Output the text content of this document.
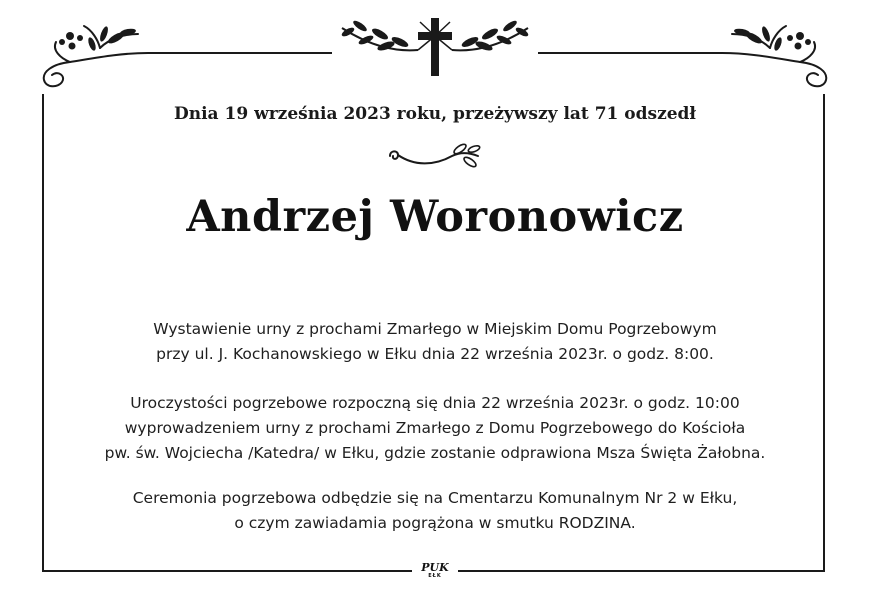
Dnia 19 września 2023 roku, przeżywszy lat 71 odszedł
Andrzej Woronowicz
Wystawienie urny z prochami Zmarłego w Miejskim Domu Pogrzebowym
przy ul. J. Kochanowskiego w Ełku dnia 22 września 2023r. o godz. 8:00.
Uroczystości pogrzebowe rozpoczną się dnia 22 września 2023r. o godz. 10:00
wyprowadzeniem urny z prochami Zmarłego z Domu Pogrzebowego do Kościoła
pw. św. Wojciecha /Katedra/ w Ełku, gdzie zostanie odprawiona Msza Święta Żałobna.
Ceremonia pogrzebowa odbędzie się na Cmentarzu Komunalnym Nr 2 w Ełku,
o czym zawiadamia pogrążona w smutku RODZINA.
PUK
EŁK
